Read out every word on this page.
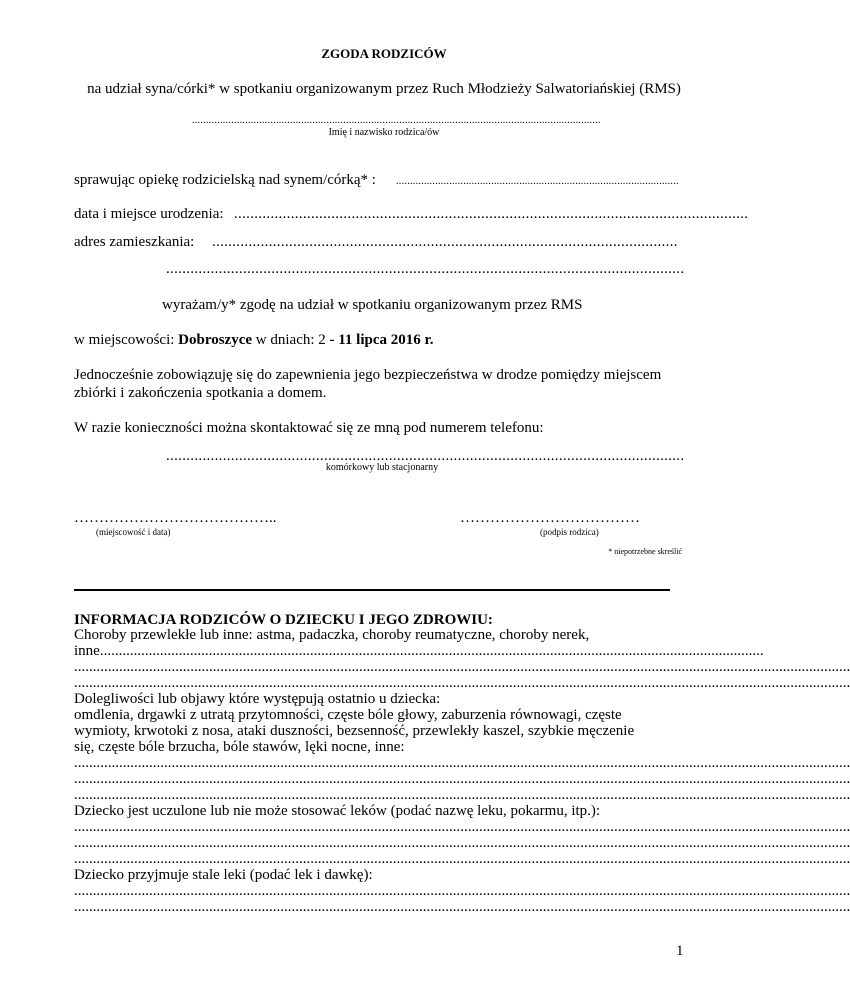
ZGODA RODZICÓW
na udział syna/córki* w spotkaniu organizowanym przez Ruch Młodzieży Salwatoriańskiej (RMS)
..................................................................................................................................................
Imię i nazwisko rodzica/ów
sprawując opiekę rodzicielską nad synem/córką* : .....................................................................................................
data i miejsce urodzenia: ...............................................................................................................................
adres zamieszkania: ...................................................................................................................
................................................................................................................................
wyrażam/y* zgodę na udział w spotkaniu organizowanym przez RMS
w miejscowości: Dobroszyce w dniach: 2 - 11 lipca 2016 r.
Jednocześnie zobowiązuję się do zapewnienia jego bezpieczeństwa w drodze pomiędzy miejscem
zbiórki i zakończenia spotkania a domem.
W razie konieczności można skontaktować się ze mną pod numerem telefonu:
................................................................................................................................
komórkowy lub stacjonarny
…………………………………..
(miejscowość i data)
………………………………
(podpis rodzica)
* niepotrzebne skreślić
INFORMACJA RODZICÓW O DZIECKU I JEGO ZDROWIU:

Choroby przewlekłe lub inne: astma, padaczka, choroby reumatyczne, choroby nerek,

inne.................................................................................................................................................................................
...............................................................................................................................................................................................................
...............................................................................................................................................................................................................

Dolegliwości lub objawy które występują ostatnio u dziecka:

omdlenia, drgawki z utratą przytomności, częste bóle głowy, zaburzenia równowagi, częste

wymioty, krwotoki z nosa, ataki duszności, bezsenność, przewlekły kaszel, szybkie męczenie

się, częste bóle brzucha, bóle stawów, lęki nocne, inne:

...............................................................................................................................................................................................................
...............................................................................................................................................................................................................
...............................................................................................................................................................................................................

Dziecko jest uczulone lub nie może stosować leków (podać nazwę leku, pokarmu, itp.):

...............................................................................................................................................................................................................
...............................................................................................................................................................................................................
...............................................................................................................................................................................................................

Dziecko przyjmuje stale leki (podać lek i dawkę):

...............................................................................................................................................................................................................
...............................................................................................................................................................................................................
1
